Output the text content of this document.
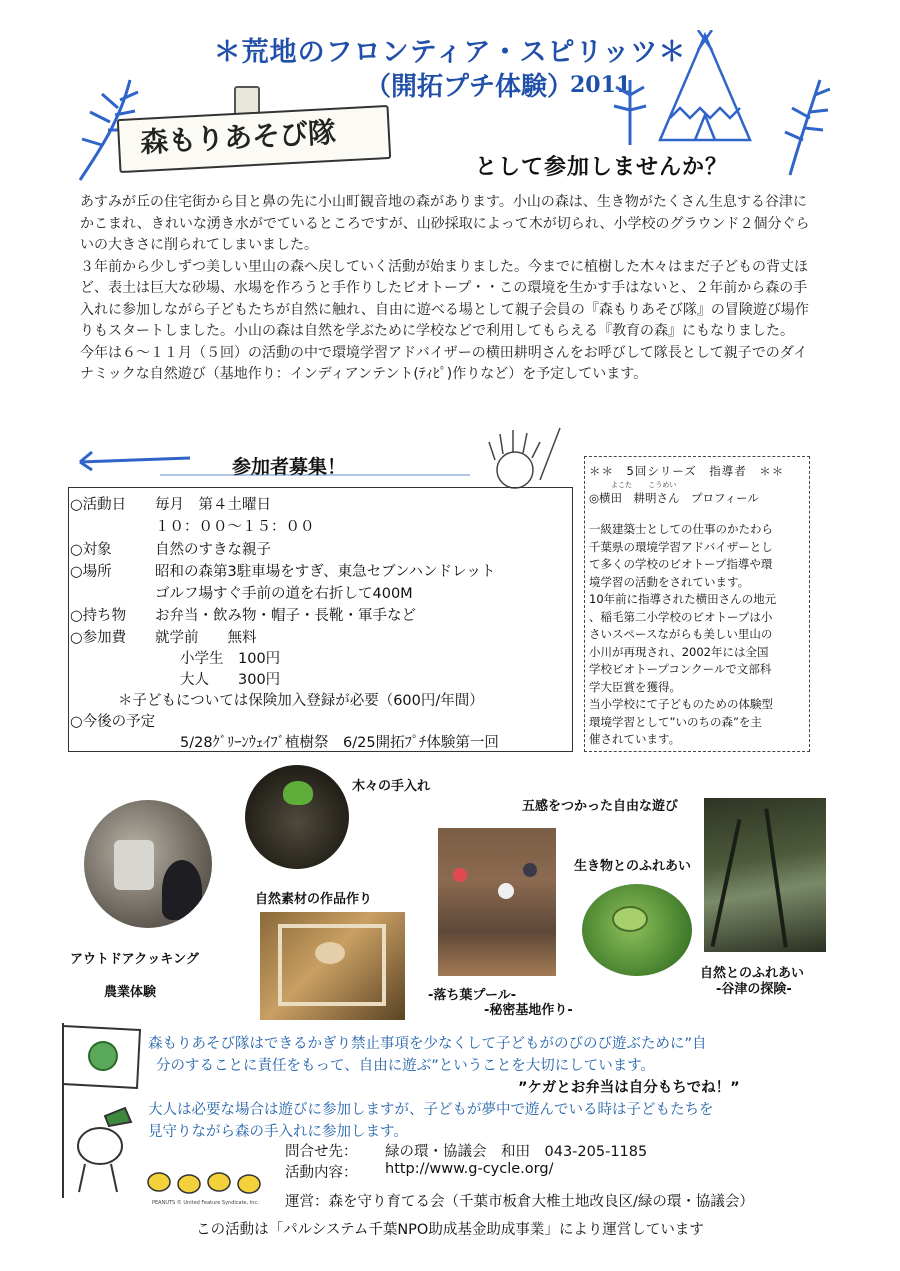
＊荒地のフロンティア・スピリッツ＊
（開拓プチ体験）
2011
森もりあそび隊
として参加しませんか？

あすみが丘の住宅街から目と鼻の先に小山町観音地の森があります。小山の森は、生き物がたくさん生息する谷津にかこまれ、きれいな湧き水がでているところですが、山砂採取によって木が切られ、小学校のグラウンド２個分ぐらいの大きさに削られてしまいました。

３年前から少しずつ美しい里山の森へ戻していく活動が始まりました。今までに植樹した木々はまだ子どもの背丈ほど、表土は巨大な砂場、水場を作ろうと手作りしたビオトープ・・この環境を生かす手はないと、２年前から森の手入れに参加しながら子どもたちが自然に触れ、自由に遊べる場として親子会員の『森もりあそび隊』の冒険遊び場作りもスタートしました。小山の森は自然を学ぶために学校などで利用してもらえる『教育の森』にもなりました。

今年は６～１１月（５回）の活動の中で環境学習アドバイザーの横田耕明さんをお呼びして隊長として親子でのダイナミックな自然遊び（基地作り：インディアンテント(ﾃｨﾋﾟ)作りなど）を予定しています。

参加者募集！
○活動日 毎月　第４土曜日
１０：００～１５：００
○対象	自然のすきな親子
○場所	昭和の森第3駐車場をすぎ、東急セブンハンドレット
ゴルフ場すぐ手前の道を右折して400M
○持ち物 お弁当・飲み物・帽子・長靴・軍手など
○参加費 就学前　　無料
小学生　100円
大人　　300円
＊子どもについては保険加入登録が必要（600円/年間）
○今後の予定
5/28ｸﾞﾘｰﾝｳｪｲﾌﾞ植樹祭　6/25開拓ﾌﾟﾁ体験第一回
＊＊　5回シリーズ　指導者　＊＊
よこた　　 こうめい
◎横田　耕明さん　プロフィール
一級建築士としての仕事のかたわら
千葉県の環境学習アドバイザーとし
て多くの学校のビオトープ指導や環
境学習の活動をされています。
10年前に指導された横田さんの地元
、稲毛第二小学校のビオトープは小
さいスペースながらも美しい里山の
小川が再現され、2002年には全国
学校ビオトープコンクールで文部科
学大臣賞を獲得。
当小学校にて子どものための体験型
環境学習として”いのちの森”を主
催されています。
木々の手入れ
五感をつかった自由な遊び
自然素材の作品作り
生き物とのふれあい
アウトドアクッキング
農業体験	-落ち葉プール-
-秘密基地作り-
自然とのふれあい
-谷津の探険-
PEANUTS © United Feature Syndicate, Inc.
森もりあそび隊はできるかぎり禁止事項を少なくして子どもがのびのび遊ぶために”自
分のすることに責任をもって、自由に遊ぶ”ということを大切にしています。
”ケガとお弁当は自分もちでね！”
大人は必要な場合は遊びに参加しますが、子どもが夢中で遊んでいる時は子どもたちを
見守りながら森の手入れに参加します。
問合せ先： 緑の環・協議会　和田　043-205-1185
活動内容： http://www.g-cycle.org/
運営：森を守り育てる会（千葉市板倉大椎土地改良区/緑の環・協議会）
この活動は「パルシステム千葉NPO助成基金助成事業」により運営しています
